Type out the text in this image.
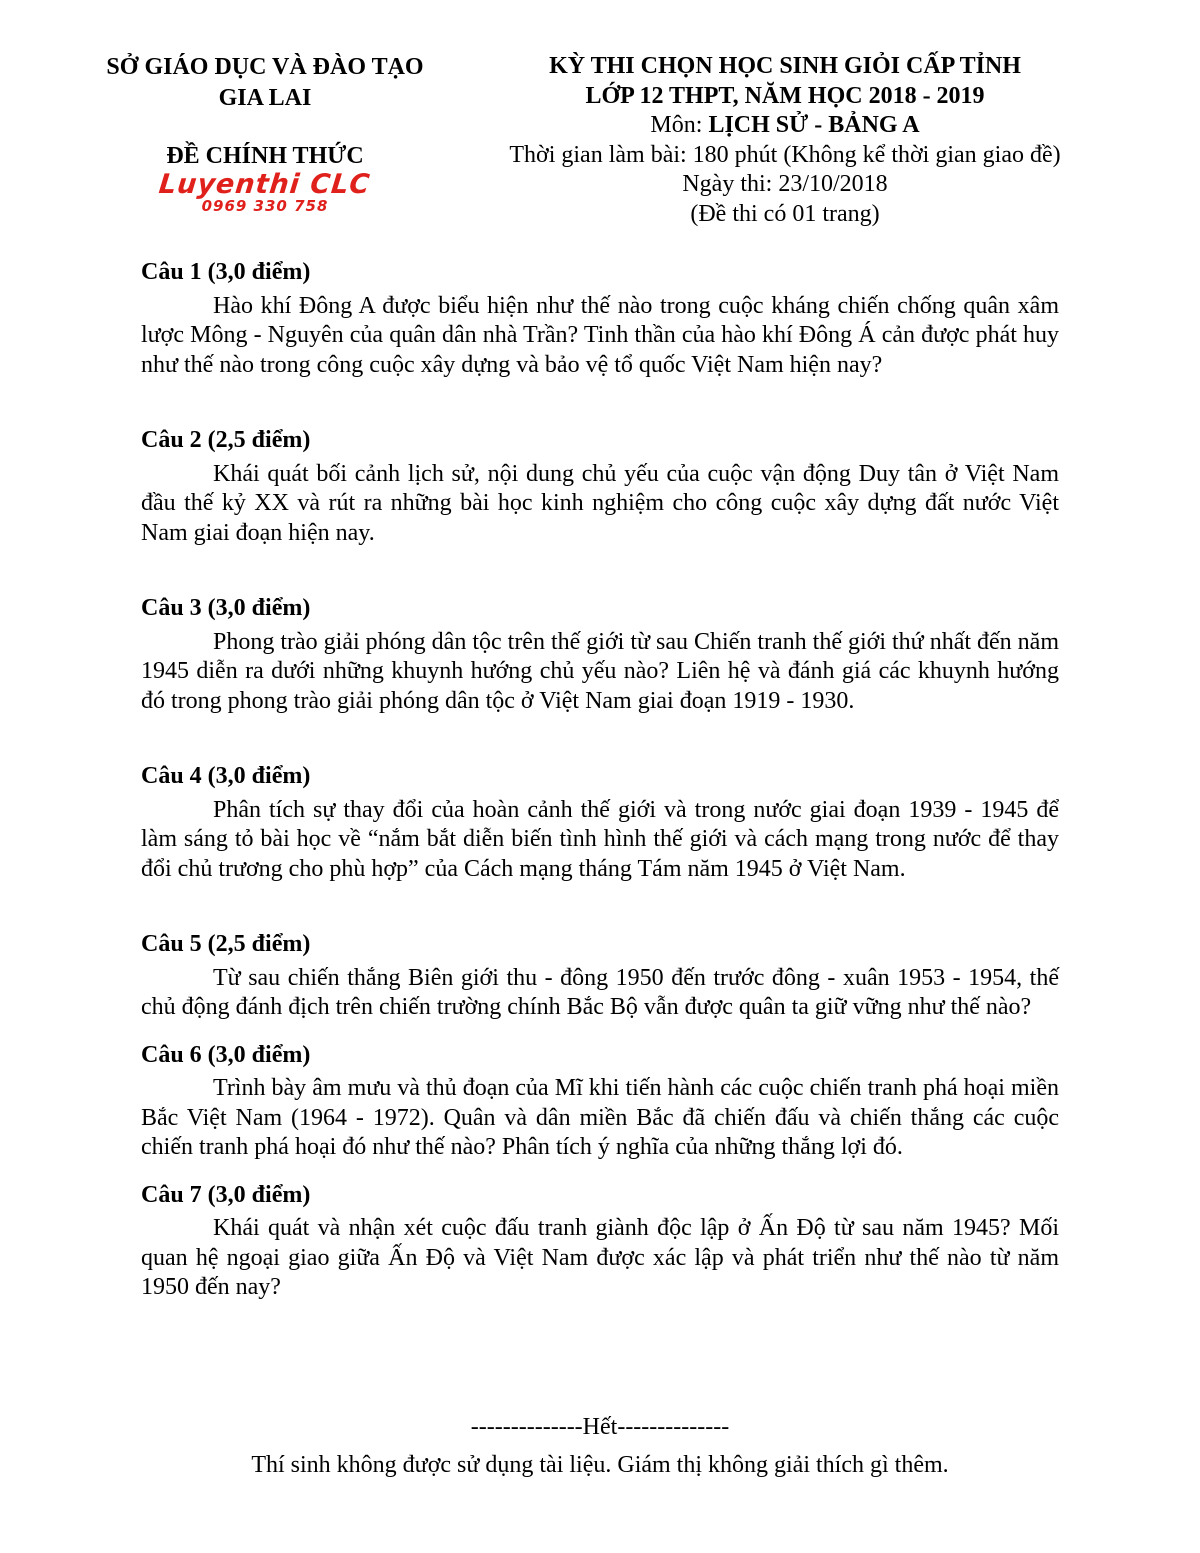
SỞ GIÁO DỤC VÀ ĐÀO TẠO
GIA LAI
ĐỀ CHÍNH THỨC
Luyenthi CLC
0969 330 758
KỲ THI CHỌN HỌC SINH GIỎI CẤP TỈNH
LỚP 12 THPT, NĂM HỌC 2018 - 2019
Môn: LỊCH SỬ - BẢNG A
Thời gian làm bài: 180 phút (Không kể thời gian giao đề)
Ngày thi: 23/10/2018
(Đề thi có 01 trang)
Câu 1 (3,0 điểm)

Hào khí Đông A được biểu hiện như thế nào trong cuộc kháng chiến chống quân xâm lược Mông - Nguyên của quân dân nhà Trần? Tinh thần của hào khí Đông Á cản được phát huy như thế nào trong công cuộc xây dựng và bảo vệ tổ quốc Việt Nam hiện nay?

Câu 2 (2,5 điểm)

Khái quát bối cảnh lịch sử, nội dung chủ yếu của cuộc vận động Duy tân ở Việt Nam đầu thế kỷ XX và rút ra những bài học kinh nghiệm cho công cuộc xây dựng đất nước Việt Nam giai đoạn hiện nay.

Câu 3 (3,0 điểm)

Phong trào giải phóng dân tộc trên thế giới từ sau Chiến tranh thế giới thứ nhất đến năm 1945 diễn ra dưới những khuynh hướng chủ yếu nào? Liên hệ và đánh giá các khuynh hướng đó trong phong trào giải phóng dân tộc ở Việt Nam giai đoạn 1919 - 1930.

Câu 4 (3,0 điểm)

Phân tích sự thay đổi của hoàn cảnh thế giới và trong nước giai đoạn 1939 - 1945 để làm sáng tỏ bài học về “nắm bắt diễn biến tình hình thế giới và cách mạng trong nước để thay đổi chủ trương cho phù hợp” của Cách mạng tháng Tám năm 1945 ở Việt Nam.

Câu 5 (2,5 điểm)

Từ sau chiến thắng Biên giới thu - đông 1950 đến trước đông - xuân 1953 - 1954, thế chủ động đánh địch trên chiến trường chính Bắc Bộ vẫn được quân ta giữ vững như thế nào?

Câu 6 (3,0 điểm)

Trình bày âm mưu và thủ đoạn của Mĩ khi tiến hành các cuộc chiến tranh phá hoại miền Bắc Việt Nam (1964 - 1972). Quân và dân miền Bắc đã chiến đấu và chiến thắng các cuộc chiến tranh phá hoại đó như thế nào? Phân tích ý nghĩa của những thắng lợi đó.

Câu 7 (3,0 điểm)

Khái quát và nhận xét cuộc đấu tranh giành độc lập ở Ấn Độ từ sau năm 1945? Mối quan hệ ngoại giao giữa Ấn Độ và Việt Nam được xác lập và phát triển như thế nào từ năm 1950 đến nay?

--------------Hết--------------
Thí sinh không được sử dụng tài liệu. Giám thị không giải thích gì thêm.
